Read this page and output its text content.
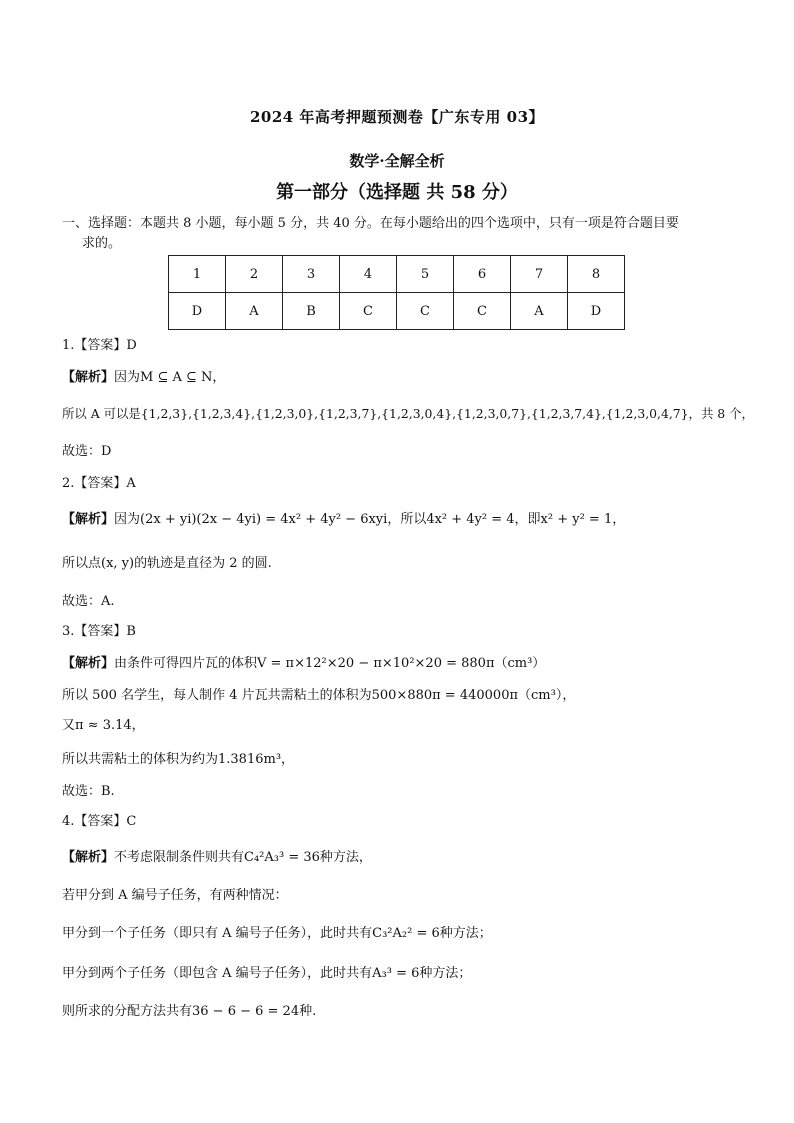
2024 年高考押题预测卷【广东专用 03】
数学·全解全析
第一部分（选择题 共 58 分）
一、选择题：本题共 8 小题，每小题 5 分，共 40 分。在每小题给出的四个选项中，只有一项是符合题目要
求的。
1	2	3	4	5	6	7	8
D	A	B	C	C	C	A	D
1.【答案】D
【解析】因为M ⊆ A ⊆ N，
所以 A 可以是{1,2,3},{1,2,3,4},{1,2,3,0},{1,2,3,7},{1,2,3,0,4},{1,2,3,0,7},{1,2,3,7,4},{1,2,3,0,4,7}，共 8 个，
故选：D
2.【答案】A
【解析】因为(2x + yi)(2x − 4yi) = 4x² + 4y² − 6xyi，所以4x² + 4y² = 4，即x² + y² = 1，
所以点(x, y)的轨迹是直径为 2 的圆.
故选：A.
3.【答案】B
【解析】由条件可得四片瓦的体积V = π×12²×20 − π×10²×20 = 880π（cm³）
所以 500 名学生，每人制作 4 片瓦共需粘土的体积为500×880π = 440000π（cm³），
又π ≈ 3.14，
所以共需粘土的体积为约为1.3816m³，
故选：B.
4.【答案】C
【解析】不考虑限制条件则共有C₄²A₃³ = 36种方法，
若甲分到 A 编号子任务，有两种情况：
甲分到一个子任务（即只有 A 编号子任务），此时共有C₃²A₂² = 6种方法；
甲分到两个子任务（即包含 A 编号子任务），此时共有A₃³ = 6种方法；
则所求的分配方法共有36 − 6 − 6 = 24种.
